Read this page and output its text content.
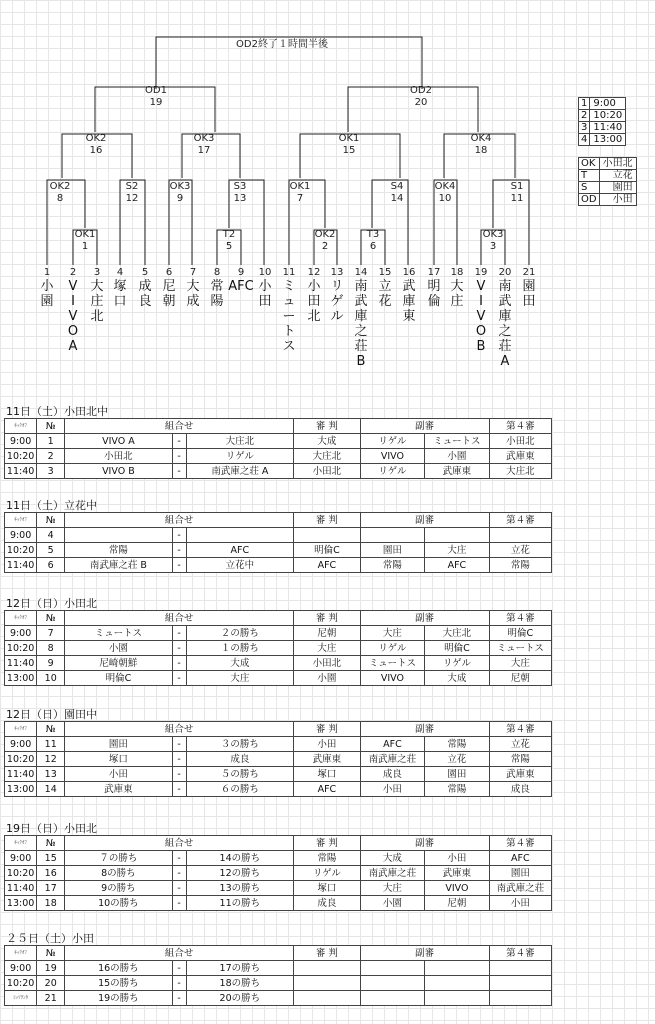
OD2終了１時間半後
OD1
19
OD2
20
OK2
16
OK3
17
OK1
15
OK4
18
OK2
8
S2
12
OK3
9
S3
13
OK1
7
S4
14
OK4
10
S1
11
OK1
1
T2
5
OK2
2
T3
6
OK3
3
1
小園
2
V I V O A
3
大庄北
4
塚口
5
成良
6
尼朝
7
大成
8
常陽
9
AFC
10
小田
11
ミュートス
12
小田北
13
リゲル
14
南武庫之荘 B
15
立花
16
武庫東
17
明倫
18
大庄
19
V I V O B
20
南武庫之荘 A
21
園田
1	9:00
2	10:20
3	11:40
4	13:00
OK	小田北
T	立花
S	園田
OD	小田
11日（土）小田北中
ｷｯｸｵﾌ	№	組合せ			審 判	副審		第４審
9:00	1	VIVO A	-	大庄北	大成	リゲル	ミュートス	小田北
10:20	2	小田北	-	リゲル	大庄北	VIVO	小園	武庫東
11:40	3	VIVO B	-	南武庫之荘 A	小田北	リゲル	武庫東	大庄北
11日（土）立花中
ｷｯｸｵﾌ	№	組合せ			審 判	副審		第４審
9:00	4		-					
10:20	5	常陽	-	AFC	明倫C	園田	大庄	立花
11:40	6	南武庫之荘 B	-	立花中	AFC	常陽	AFC	常陽
12日（日）小田北
ｷｯｸｵﾌ	№	組合せ			審 判	副審		第４審
9:00	7	ミュートス	-	２の勝ち	尼朝	大庄	大庄北	明倫C
10:20	8	小園	-	１の勝ち	大庄	リゲル	明倫C	ミュートス
11:40	9	尼崎朝鮮	-	大成	小田北	ミュートス	リゲル	大庄
13:00	10	明倫C	-	大庄	小園	VIVO	大成	尼朝
12日（日）園田中
ｷｯｸｵﾌ	№	組合せ			審 判	副審		第４審
9:00	11	園田	-	３の勝ち	小田	AFC	常陽	立花
10:20	12	塚口	-	成良	武庫東	南武庫之荘	立花	常陽
11:40	13	小田	-	５の勝ち	塚口	成良	園田	武庫東
13:00	14	武庫東	-	６の勝ち	AFC	小田	常陽	成良
19日（日）小田北
ｷｯｸｵﾌ	№	組合せ			審 判	副審		第４審
9:00	15	７の勝ち	-	14の勝ち	常陽	大成	小田	AFC
10:20	16	8の勝ち	-	12の勝ち	リゲル	南武庫之荘	武庫東	園田
11:40	17	9の勝ち	-	13の勝ち	塚口	大庄	VIVO	南武庫之荘
13:00	18	10の勝ち	-	11の勝ち	成良	小園	尼朝	小田
２５日（土）小田
ｷｯｸｵﾌ	№	組合せ			審 判	副審		第４審
9:00	19	16の勝ち	-	17の勝ち				
10:20	20	15の勝ち	-	18の勝ち				
ｺｯﾏﾜﾝﾀ	21	19の勝ち	-	20の勝ち				
